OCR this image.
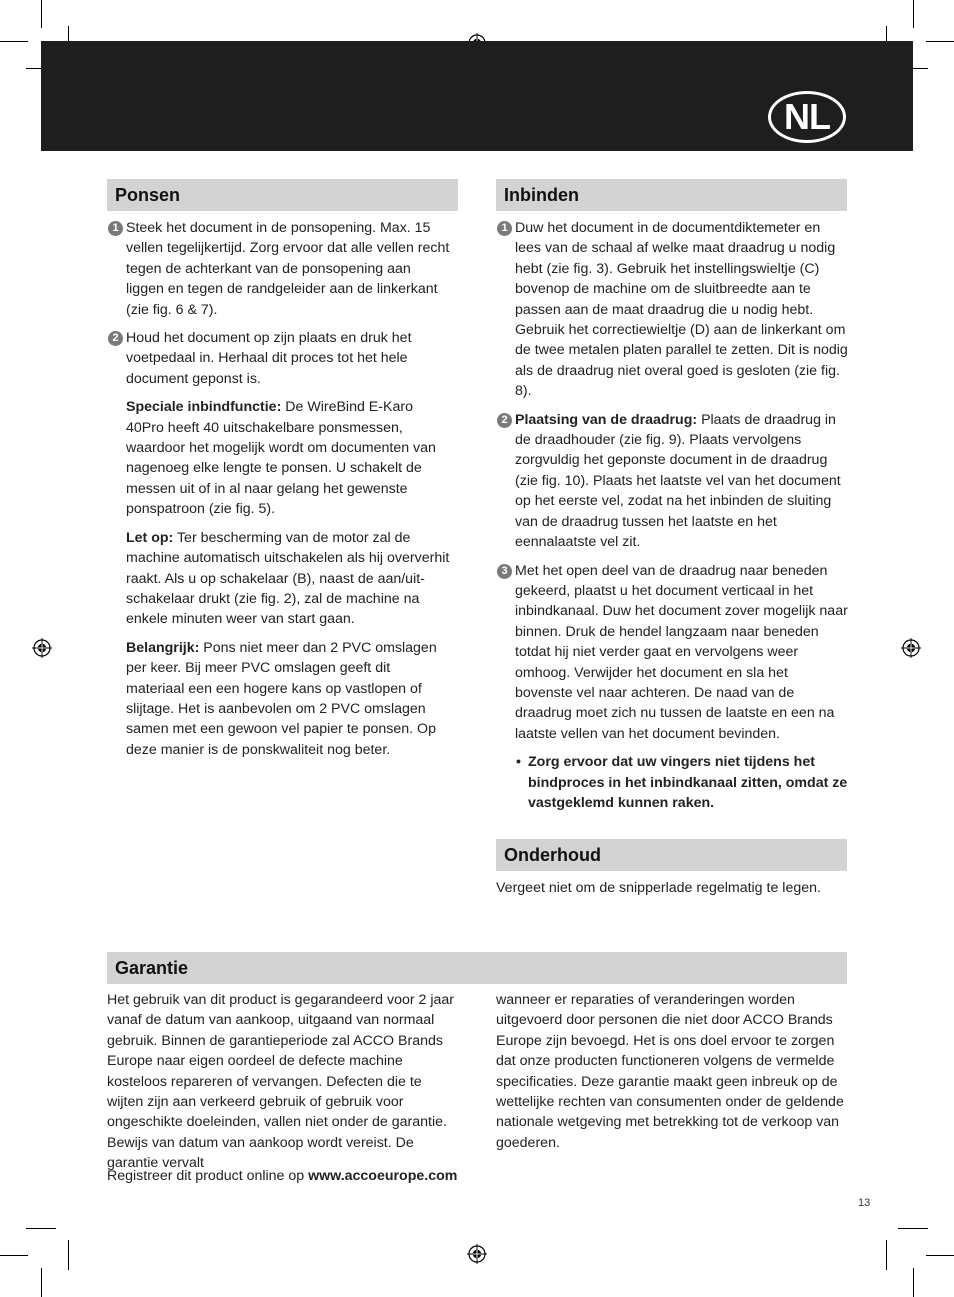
NL
Ponsen
1 Steek het document in de ponsopening. Max. 15 vellen tegelijkertijd. Zorg ervoor dat alle vellen recht tegen de achterkant van de ponsopening aan liggen en tegen de randgeleider aan de linkerkant (zie fig. 6 & 7).
2 Houd het document op zijn plaats en druk het voetpedaal in. Herhaal dit proces tot het hele document geponst is.

Speciale inbindfunctie: De WireBind E-Karo 40Pro heeft 40 uitschakelbare ponsmessen, waardoor het mogelijk wordt om documenten van nagenoeg elke lengte te ponsen. U schakelt de messen uit of in al naar gelang het gewenste ponspatroon (zie fig. 5).

Let op: Ter bescherming van de motor zal de machine automatisch uitschakelen als hij oververhit raakt. Als u op schakelaar (B), naast de aan/uit-schakelaar drukt (zie fig. 2), zal de machine na enkele minuten weer van start gaan.

Belangrijk: Pons niet meer dan 2 PVC omslagen per keer. Bij meer PVC omslagen geeft dit materiaal een een hogere kans op vastlopen of slijtage. Het is aanbevolen om 2 PVC omslagen samen met een gewoon vel papier te ponsen. Op deze manier is de ponskwaliteit nog beter.

Inbinden
1 Duw het document in de documentdiktemeter en lees van de schaal af welke maat draadrug u nodig hebt (zie fig. 3). Gebruik het instellingswieltje (C) bovenop de machine om de sluitbreedte aan te passen aan de maat draadrug die u nodig hebt. Gebruik het correctiewieltje (D) aan de linkerkant om de twee metalen platen parallel te zetten. Dit is nodig als de draadrug niet overal goed is gesloten (zie fig. 8).
2 Plaatsing van de draadrug: Plaats de draadrug in de draadhouder (zie fig. 9). Plaats vervolgens zorgvuldig het geponste document in de draadrug (zie fig. 10). Plaats het laatste vel van het document op het eerste vel, zodat na het inbinden de sluiting van de draadrug tussen het laatste en het eennalaatste vel zit.
3 Met het open deel van de draadrug naar beneden gekeerd, plaatst u het document verticaal in het inbindkanaal. Duw het document zover mogelijk naar binnen. Druk de hendel langzaam naar beneden totdat hij niet verder gaat en vervolgens weer omhoog. Verwijder het document en sla het bovenste vel naar achteren. De naad van de draadrug moet zich nu tussen de laatste en een na laatste vellen van het document bevinden.

• Zorg ervoor dat uw vingers niet tijdens het bindproces in het inbindkanaal zitten, omdat ze vastgeklemd kunnen raken.

Onderhoud
Vergeet niet om de snipperlade regelmatig te legen.
Garantie
Het gebruik van dit product is gegarandeerd voor 2 jaar vanaf de datum van aankoop, uitgaand van normaal gebruik. Binnen de garantieperiode zal ACCO Brands Europe naar eigen oordeel de defecte machine kosteloos repareren of vervangen. Defecten die te wijten zijn aan verkeerd gebruik of gebruik voor ongeschikte doeleinden, vallen niet onder de garantie. Bewijs van datum van aankoop wordt vereist. De garantie vervalt
wanneer er reparaties of veranderingen worden uitgevoerd door personen die niet door ACCO Brands Europe zijn bevoegd. Het is ons doel ervoor te zorgen dat onze producten functioneren volgens de vermelde specificaties. Deze garantie maakt geen inbreuk op de wettelijke rechten van consumenten onder de geldende nationale wetgeving met betrekking tot de verkoop van goederen.
Registreer dit product online op www.accoeurope.com
13
